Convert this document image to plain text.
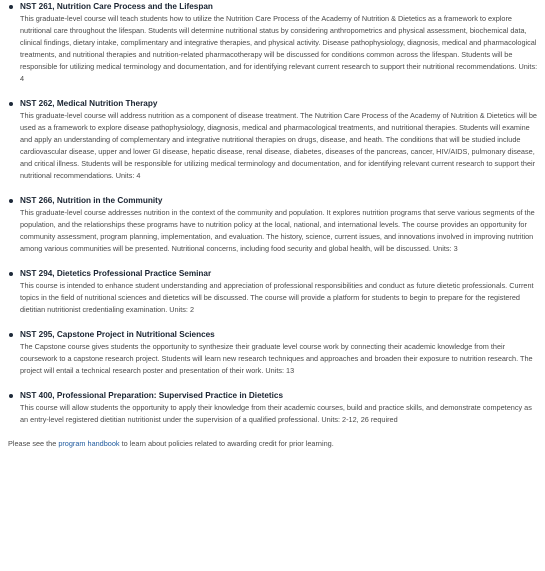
NST 261, Nutrition Care Process and the Lifespan

This graduate-level course will teach students how to utilize the Nutrition Care Process of the Academy of Nutrition & Dietetics as a framework to explore nutritional care throughout the lifespan. Students will determine nutritional status by considering anthropometrics and physical assessment, biochemical data, clinical findings, dietary intake, complimentary and integrative therapies, and physical activity. Disease pathophysiology, diagnosis, medical and pharmacological treatments, and nutritional therapies and nutrition-related pharmacotherapy will be discussed for conditions common across the lifespan. Students will be responsible for utilizing medical terminology and documentation, and for identifying relevant current research to support their nutritional recommendations. Units: 4

NST 262, Medical Nutrition Therapy

This graduate-level course will address nutrition as a component of disease treatment. The Nutrition Care Process of the Academy of Nutrition & Dietetics will be used as a framework to explore disease pathophysiology, diagnosis, medical and pharmacological treatments, and nutritional therapies. Students will examine and apply an understanding of complementary and integrative nutritional therapies on drugs, disease, and heath. The conditions that will be studied include cardiovascular disease, upper and lower GI disease, hepatic disease, renal disease, diabetes, diseases of the pancreas, cancer, HIV/AIDS, pulmonary disease, and critical illness. Students will be responsible for utilizing medical terminology and documentation, and for identifying relevant current research to support their nutritional recommendations. Units: 4

NST 266, Nutrition in the Community

This graduate-level course addresses nutrition in the context of the community and population. It explores nutrition programs that serve various segments of the population, and the relationships these programs have to nutrition policy at the local, national, and international levels. The course provides an opportunity for community assessment, program planning, implementation, and evaluation. The history, science, current issues, and innovations involved in improving nutrition among various communities will be presented. Nutritional concerns, including food security and global health, will be discussed. Units: 3

NST 294, Dietetics Professional Practice Seminar

This course is intended to enhance student understanding and appreciation of professional responsibilities and conduct as future dietetic professionals. Current topics in the field of nutritional sciences and dietetics will be discussed. The course will provide a platform for students to begin to prepare for the registered dietitian nutritionist credentialing examination. Units: 2

NST 295, Capstone Project in Nutritional Sciences

The Capstone course gives students the opportunity to synthesize their graduate level course work by connecting their academic knowledge from their coursework to a capstone research project. Students will learn new research techniques and approaches and broaden their exposure to nutrition research. The project will entail a technical research poster and presentation of their work. Units: 13

NST 400, Professional Preparation: Supervised Practice in Dietetics

This course will allow students the opportunity to apply their knowledge from their academic courses, build and practice skills, and demonstrate competency as an entry-level registered dietitian nutritionist under the supervision of a qualified professional. Units: 2-12, 26 required

Please see the program handbook to learn about policies related to awarding credit for prior learning.
